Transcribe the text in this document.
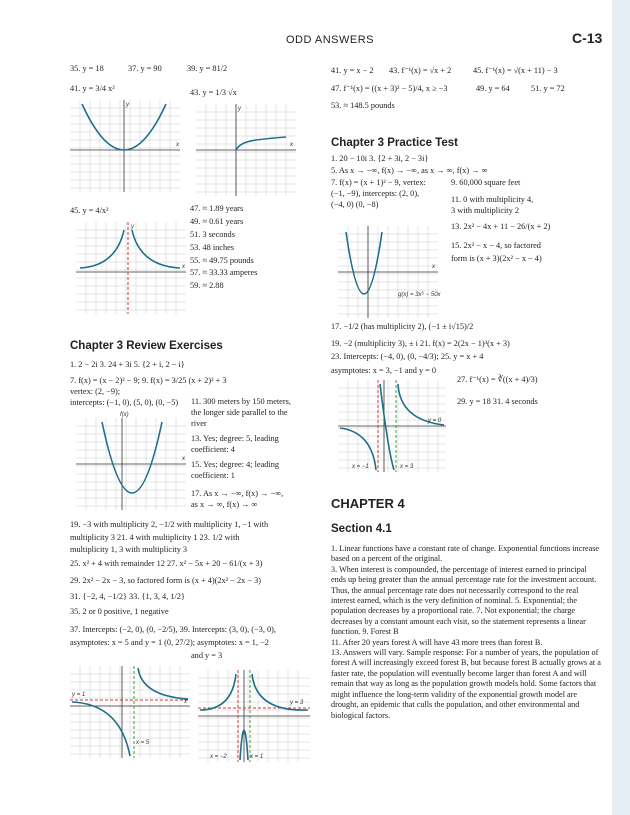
ODD ANSWERS	C-13
35. y = 18	37. y = 90	39. y = 81/2
41. y = 3/4 x²	43. y = 1/3 √x
x
y
x
y
45. y = 4/x²
x
y
47. ≈ 1.89 years
49. ≈ 0.61 years
51. 3 seconds
53. 48 inches
55. ≈ 49.75 pounds
57. ≈ 33.33 amperes
59. ≈ 2.88
Chapter 3 Review Exercises
1. 2 − 2i 3. 24 + 3i 5. {2 + i, 2 − i}
7. f(x) = (x − 2)² − 9; 9. f(x) = 3/25 (x + 2)² + 3
vertex: (2, −9);
intercepts: (−1, 0), (5, 0), (0, −5) 11. 300 meters by 150 meters,
the longer side parallel to the
river
13. Yes; degree: 5, leading
coefficient: 4
15. Yes; degree: 4; leading
coefficient: 1
17. As x → −∞, f(x) → −∞,
as x → ∞, f(x) → ∞
x
f(x)
19. −3 with multiplicity 2, −1/2 with multiplicity 1, −1 with
multiplicity 3 21. 4 with multiplicity 1 23. 1/2 with
multiplicity 1, 3 with multiplicity 3
25. x² + 4 with remainder 12 27. x² − 5x + 20 − 61/(x + 3)
29. 2x² − 2x − 3, so factored form is (x + 4)(2x² − 2x − 3)
31. {−2, 4, −1/2} 33. {1, 3, 4, 1/2}
35. 2 or 0 positive, 1 negative
37. Intercepts: (−2, 0), (0, −2/5), 39. Intercepts: (3, 0), (−3, 0),
asymptotes: x = 5 and y = 1 (0, 27/2); asymptotes: x = 1, −2
and y = 3
y = 1
x = 5
x	y = 3
x = −2	x = 1
41. y = x − 2 43. f⁻¹(x) = √x + 2	45. f⁻¹(x) = √(x + 11) − 3
47. f⁻¹(x) = ((x + 3)² − 5)/4, x ≥ −3	49. y = 64	51. y = 72
53. ≈ 148.5 pounds
Chapter 3 Practice Test
1. 20 − 10i 3. {2 + 3i, 2 − 3i}
5. As x → −∞, f(x) → −∞, as x → ∞, f(x) → ∞
7. f(x) = (x + 1)² − 9, vertex:
(−1, −9), intercepts: (2, 0),
(−4, 0) (0, −8)
9. 60,000 square feet
11. 0 with multiplicity 4,
3 with multiplicity 2
13. 2x² − 4x + 11 − 26/(x + 2)
15. 2x² − x − 4, so factored
form is (x + 3)(2x² − x − 4)
g(x) = 3x⁵ − 50x
x
17. −1/2 (has multiplicity 2), (−1 ± i√15)/2
19. −2 (multiplicity 3), ± i 21. f(x) = 2(2x − 1)³(x + 3)
23. Intercepts: (−4, 0), (0, −4/3); 25. y = x + 4
asymptotes: x = 3, −1 and y = 0
27. f⁻¹(x) = ∛((x + 4)/3)
29. y = 18 31. 4 seconds
y = 0
x = −1	x = 3
CHAPTER 4
Section 4.1

1. Linear functions have a constant rate of change. Exponential functions increase based on a percent of the original.

3. When interest is compounded, the percentage of interest earned to principal ends up being greater than the annual percentage rate for the investment account. Thus, the annual percentage rate does not necessarily correspond to the real interest earned, which is the very definition of nominal. 5. Exponential; the population decreases by a proportional rate. 7. Not exponential; the charge decreases by a constant amount each visit, so the statement represents a linear function. 9. Forest B

11. After 20 years forest A will have 43 more trees than forest B.

13. Answers will vary. Sample response: For a number of years, the population of forest A will increasingly exceed forest B, but because forest B actually grows at a faster rate, the population will eventually become larger than forest A and will remain that way as long as the population growth models hold. Some factors that might influence the long-term validity of the exponential growth model are drought, an epidemic that culls the population, and other environmental and biological factors.
